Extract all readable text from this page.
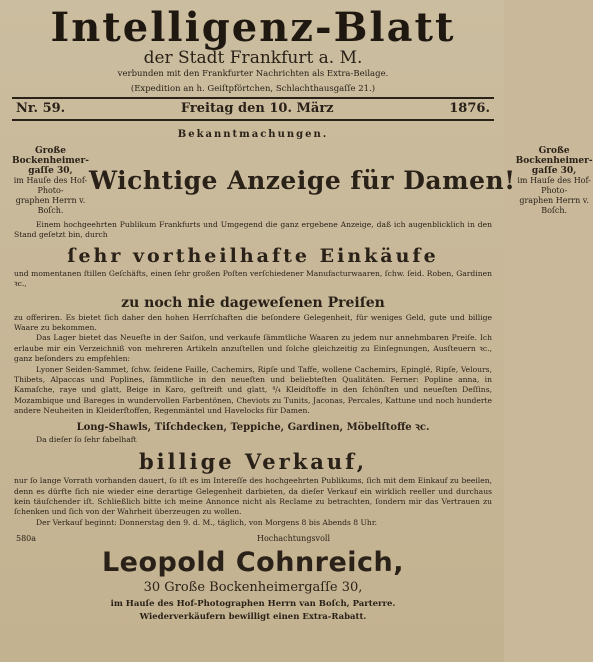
Intelligenz-Blatt
der Stadt Frankfurt a. M.
verbunden mit den Frankfurter Nachrichten als Extra-Beilage.
(Expedition an h. Geiſtpförtchen, Schlachthausgaſſe 21.)
Nr. 59.	Freitag den 10. März	1876.
Bekanntmachungen.
Große Bockenheimer-
gaſſe 30,
im Hauſe des Hof-Photo-
graphen Herrn v. Boſch.
Wichtige Anzeige für Damen!
Große Bockenheimer-
gaſſe 30,
im Hauſe des Hof-Photo-
graphen Herrn v. Boſch.
Einem hochgeehrten Publikum Frankfurts und Umgegend die ganz ergebene Anzeige, daß ich augenblicklich in den Stand geſetzt bin, durch
ſehr vortheilhafte Einkäufe
und momentanen ſtillen Geſchäfts, einen ſehr großen Poſten verſchiedener Manufacturwaaren, ſchw. ſeid. Roben, Gardinen ꝛc.,
zu noch nie dageweſenen Preiſen
zu offeriren. Es bietet ſich daher den hohen Herrſchaften die beſondere Gelegenheit, für weniges Geld, gute und billige Waare zu bekommen.
Das Lager bietet das Neueſte in der Saiſon, und verkaufe ſämmtliche Waaren zu jedem nur annehmbaren Preiſe. Ich erlaube mir ein Verzeichniß von mehreren Artikeln anzuſtellen und ſolche gleichzeitig zu Einſegnungen, Ausſteuern ꝛc., ganz beſonders zu empfehlen:
Lyoner Seiden-Sammet, ſchw. ſeidene Faille, Cachemirs, Ripſe und Taffe, wollene Cachemirs, Epinglé, Ripſe, Velours, Thibets, Alpaccas und Poplines, ſämmtliche in den neueſten und beliebteſten Qualitäten. Ferner: Popline anna, in Kamaſche, raye und glatt, Beige in Karo, geſtreift und glatt, ⁴/₄ Kleidſtoffe in den ſchönſten und neueſten Deſſins, Mozambique und Bareges in wundervollen Farbentönen, Cheviots zu Tunits, Jaconas, Percales, Kattune und noch hunderte andere Neuheiten in Kleiderſtoffen, Regenmäntel und Havelocks für Damen.
Long-Shawls, Tiſchdecken, Teppiche, Gardinen, Möbelſtoffe ꝛc.
Da dieſer ſo ſehr fabelhaft
billige Verkauf,
nur ſo lange Vorrath vorhanden dauert, ſo iſt es im Intereſſe des hochgeehrten Publikums, ſich mit dem Einkauf zu beeilen, denn es dürfte ſich nie wieder eine derartige Gelegenheit darbieten, da dieſer Verkauf ein wirklich reeller und durchaus kein täuſchender iſt. Schließlich bitte ich meine Annonce nicht als Reclame zu betrachten, ſondern mir das Vertrauen zu ſchenken und ſich von der Wahrheit überzeugen zu wollen.
Der Verkauf beginnt: Donnerstag den 9. d. M., täglich, von Morgens 8 bis Abends 8 Uhr.
580a	Hochachtungsvoll
Leopold Cohnreich,
30 Große Bockenheimergaſſe 30,
im Hauſe des Hof-Photographen Herrn van Boſch, Parterre.
Wiederverkäufern bewilligt einen Extra-Rabatt.
